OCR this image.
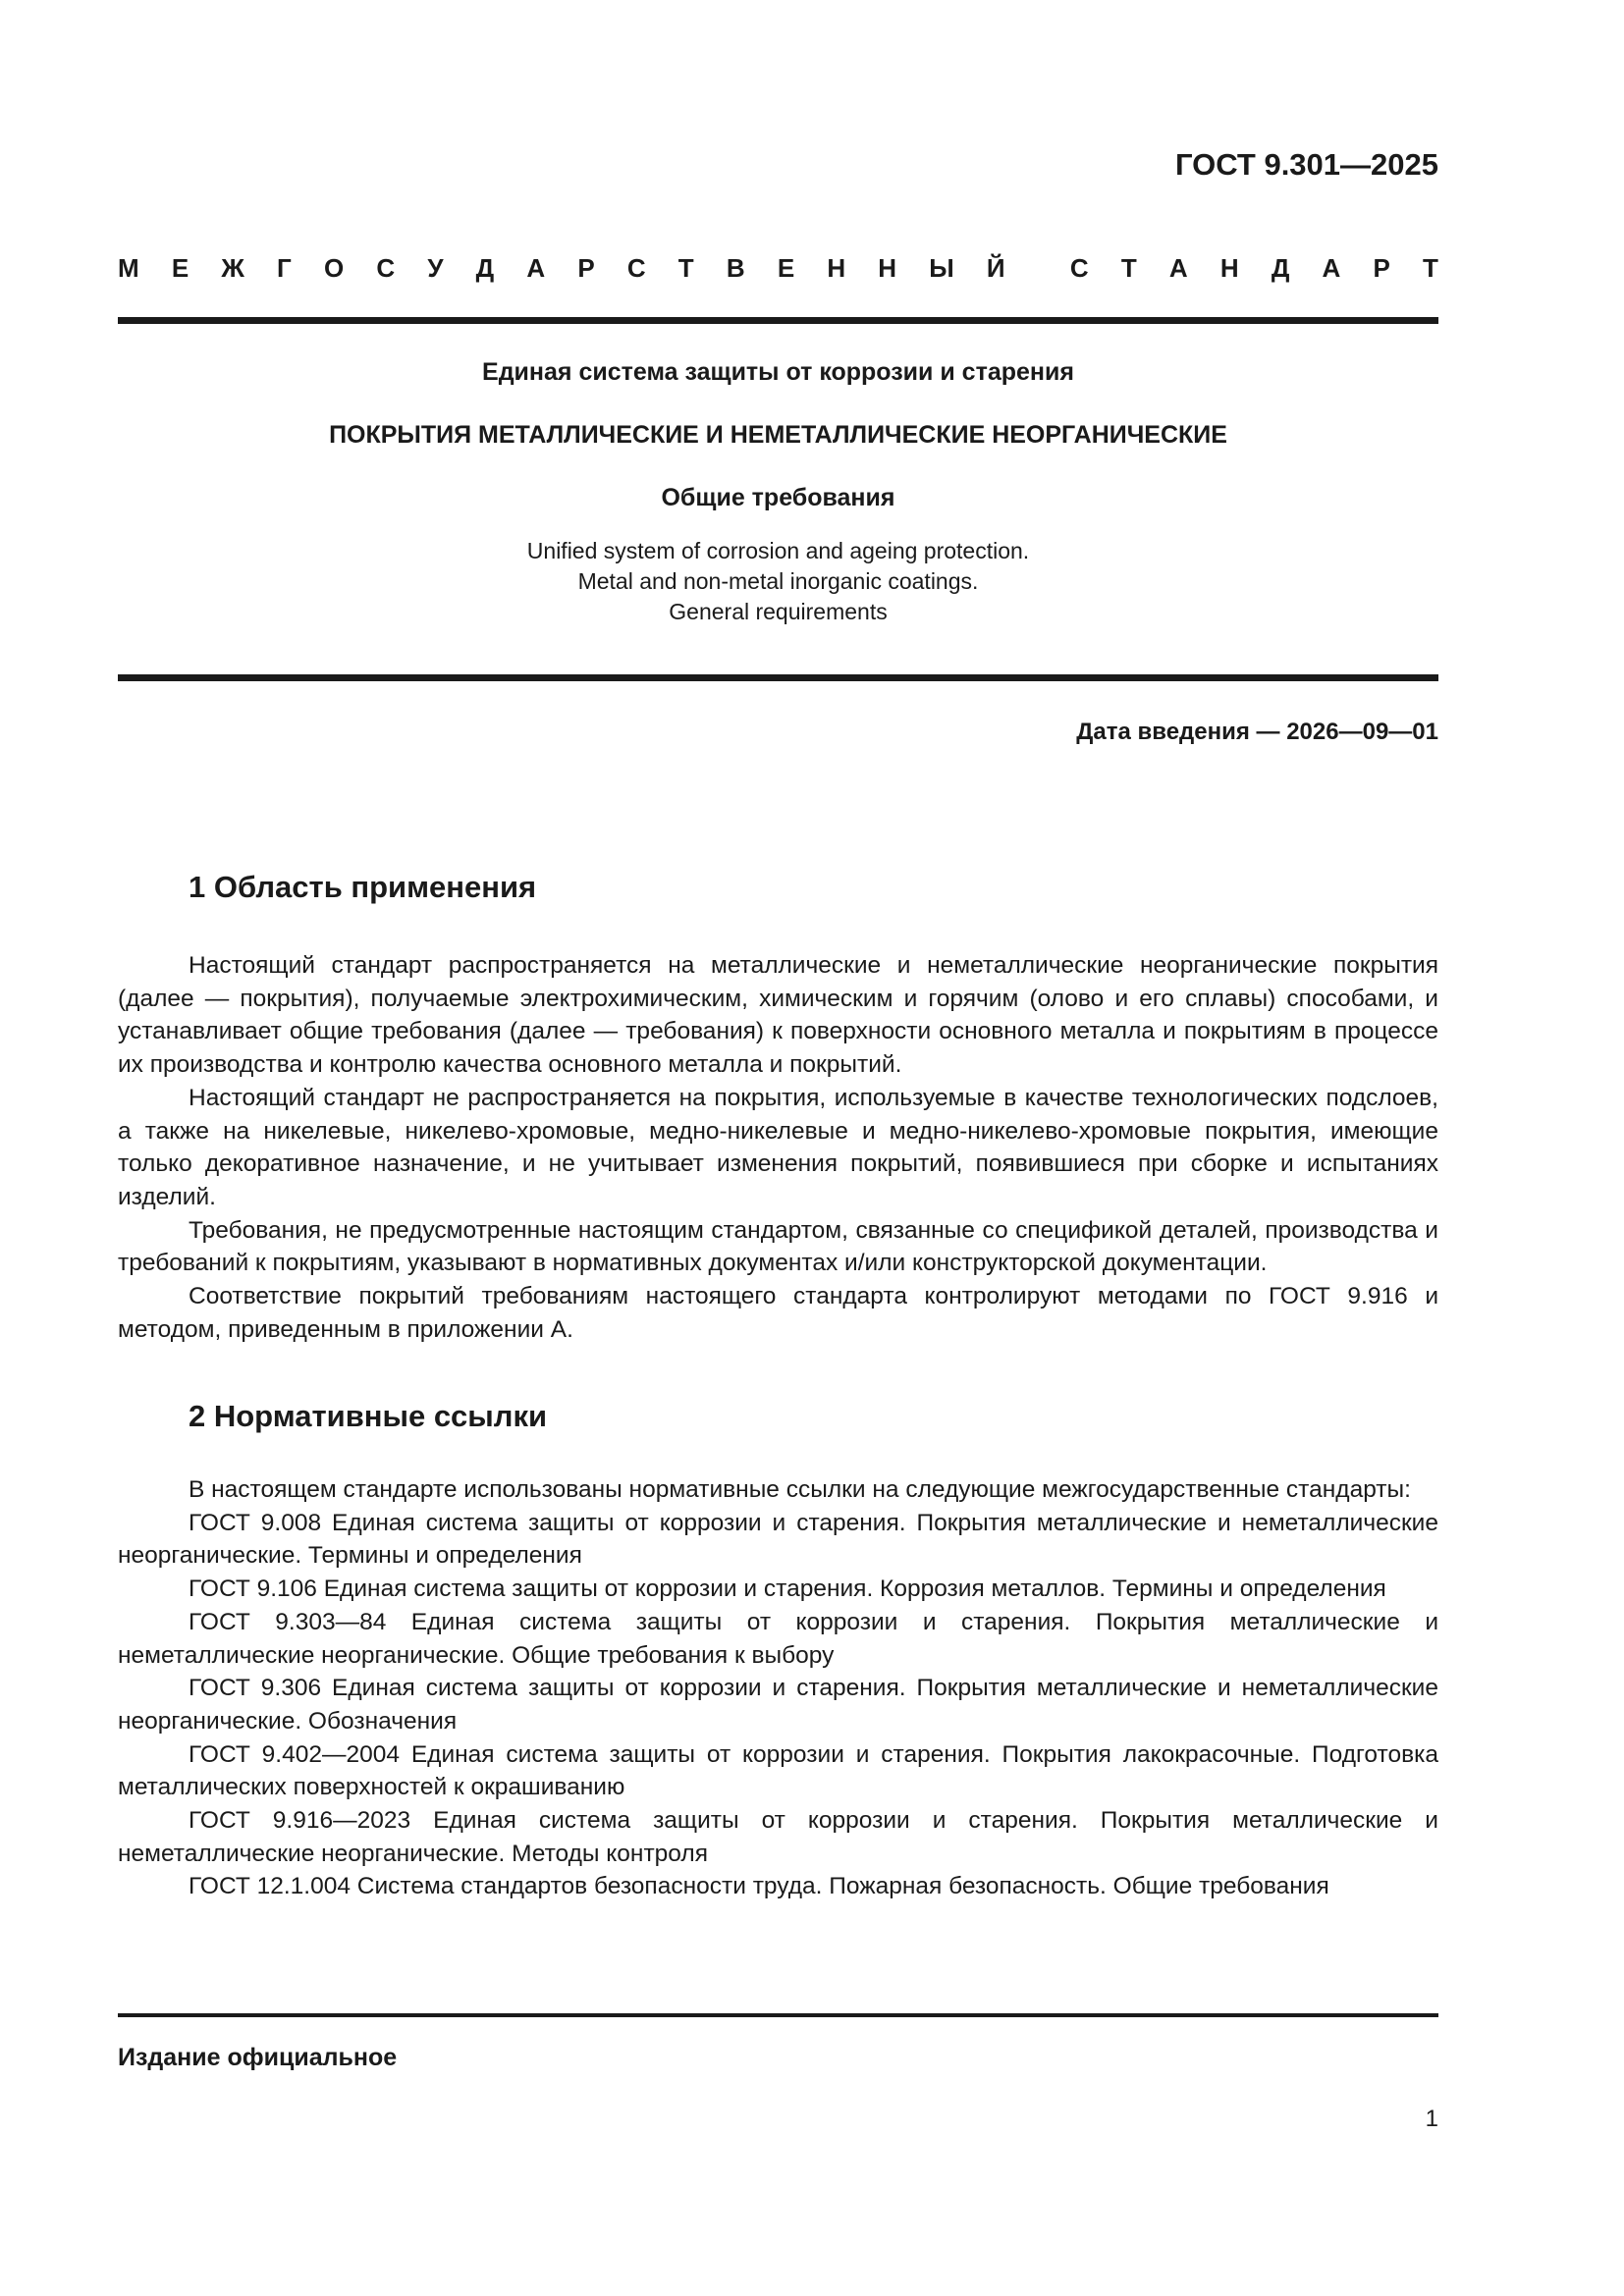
ГОСТ 9.301—2025
М Е Ж Г О С У Д А Р С Т В Е Н Н Ы Й	С Т А Н Д А Р Т
Единая система защиты от коррозии и старения
ПОКРЫТИЯ МЕТАЛЛИЧЕСКИЕ И НЕМЕТАЛЛИЧЕСКИЕ НЕОРГАНИЧЕСКИЕ
Общие требования
Unified system of corrosion and ageing protection.
Metal and non-metal inorganic coatings.
General requirements
Дата введения — 2026—09—01
1 Область применения

Настоящий стандарт распространяется на металлические и неметаллические неорганические покрытия (далее — покрытия), получаемые электрохимическим, химическим и горячим (олово и его сплавы) способами, и устанавливает общие требования (далее — требования) к поверхности основного металла и покрытиям в процессе их производства и контролю качества основного металла и покрытий.

Настоящий стандарт не распространяется на покрытия, используемые в качестве технологических подслоев, а также на никелевые, никелево-хромовые, медно-никелевые и медно-никелево-хромовые покрытия, имеющие только декоративное назначение, и не учитывает изменения покрытий, появившиеся при сборке и испытаниях изделий.

Требования, не предусмотренные настоящим стандартом, связанные со спецификой деталей, производства и требований к покрытиям, указывают в нормативных документах и/или конструкторской документации.

Соответствие покрытий требованиям настоящего стандарта контролируют методами по ГОСТ 9.916 и методом, приведенным в приложении А.

2 Нормативные ссылки

В настоящем стандарте использованы нормативные ссылки на следующие межгосударственные стандарты:

ГОСТ 9.008 Единая система защиты от коррозии и старения. Покрытия металлические и неметаллические неорганические. Термины и определения

ГОСТ 9.106 Единая система защиты от коррозии и старения. Коррозия металлов. Термины и определения

ГОСТ 9.303—84 Единая система защиты от коррозии и старения. Покрытия металлические и неметаллические неорганические. Общие требования к выбору

ГОСТ 9.306 Единая система защиты от коррозии и старения. Покрытия металлические и неметаллические неорганические. Обозначения

ГОСТ 9.402—2004 Единая система защиты от коррозии и старения. Покрытия лакокрасочные. Подготовка металлических поверхностей к окрашиванию

ГОСТ 9.916—2023 Единая система защиты от коррозии и старения. Покрытия металлические и неметаллические неорганические. Методы контроля

ГОСТ 12.1.004 Система стандартов безопасности труда. Пожарная безопасность. Общие требования

Издание официальное
1
